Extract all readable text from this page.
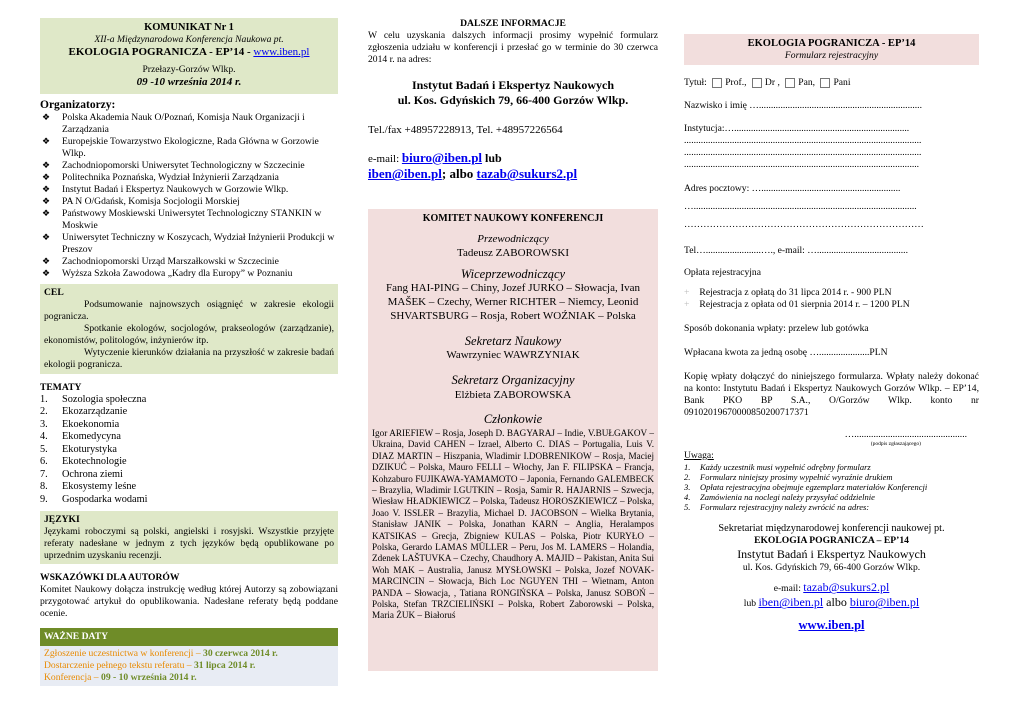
KOMUNIKAT Nr 1
XII-a Międzynarodowa Konferencja Naukowa pt.
EKOLOGIA POGRANICZA - EP’14 - www.iben.pl
Przełazy-Gorzów Wlkp.
09 -10 września 2014 r.
Organizatorzy:
❖ Polska Akademia Nauk O/Poznań, Komisja Nauk Organizacji i Zarządzania
❖ Europejskie Towarzystwo Ekologiczne, Rada Główna w Gorzowie Wlkp.
❖ Zachodniopomorski Uniwersytet Technologiczny w Szczecinie
❖ Politechnika Poznańska, Wydział Inżynierii Zarządzania
❖ Instytut Badań i Ekspertyz Naukowych w Gorzowie Wlkp.
❖ PA N O/Gdańsk, Komisja Socjologii Morskiej
❖ Państwowy Moskiewski Uniwersytet Technologiczny STANKIN w Moskwie
❖ Uniwersytet Techniczny w Koszycach, Wydział Inżynierii Produkcji w Preszov
❖ Zachodniopomorski Urząd Marszałkowski w Szczecinie
❖ Wyższa Szkoła Zawodowa „Kadry dla Europy” w Poznaniu
CEL
Podsumowanie najnowszych osiągnięć w zakresie ekologii pogranicza.
Spotkanie ekologów, socjologów, prakseologów (zarządzanie), ekonomistów, politologów, inżynierów itp.
Wytyczenie kierunków działania na przyszłość w zakresie badań ekologii pogranicza.
TEMATY
1.	Sozologia społeczna
2.	Ekozarządzanie
3.	Ekoekonomia
4.	Ekomedycyna
5.	Ekoturystyka
6.	Ekotechnologie
7.	Ochrona ziemi
8.	Ekosystemy leśne
9.	Gospodarka wodami
JĘZYKI
Językami roboczymi są polski, angielski i rosyjski. Wszystkie przyjęte referaty nadesłane w jednym z tych języków będą opublikowane po uprzednim uzyskaniu recenzji.
WSKAZÓWKI DLA AUTORÓW
Komitet Naukowy dołącza instrukcję według której Autorzy są zobowiązani przygotować artykuł do opublikowania. Nadesłane referaty będą poddane ocenie.
WAŻNE DATY
Zgłoszenie uczestnictwa w konferencji – 30 czerwca 2014 r.
Dostarczenie pełnego tekstu referatu – 31 lipca 2014 r.
Konferencja – 09 - 10 września 2014 r.
DALSZE INFORMACJE
W celu uzyskania dalszych informacji prosimy wypełnić formularz zgłoszenia udziału w konferencji i przesłać go w terminie do 30 czerwca 2014 r. na adres:
Instytut Badań i Ekspertyz Naukowych
ul. Kos. Gdyńskich 79, 66-400 Gorzów Wlkp.
Tel./fax +48957228913, Tel. +48957226564
e-mail: biuro@iben.pl lub
iben@iben.pl; albo tazab@sukurs2.pl
KOMITET NAUKOWY KONFERENCJI
Przewodniczący
Tadeusz ZABOROWSKI
Wiceprzewodniczący
Fang HAI-PING – Chiny, Jozef JURKO – Słowacja, Ivan MAŠEK – Czechy, Werner RICHTER – Niemcy, Leonid SHVARTSBURG – Rosja, Robert WOŹNIAK – Polska
Sekretarz Naukowy
Wawrzyniec WAWRZYNIAK
Sekretarz Organizacyjny
Elżbieta ZABOROWSKA
Członkowie
Igor ARIEFIEW – Rosja, Joseph D. BAGYARAJ – Indie, V.BUŁGAKOV – Ukraina, David CAHEN – Izrael, Alberto C. DIAS – Portugalia, Luis V. DIAZ MARTIN – Hiszpania, Wladimir I.DOBRENIKOW – Rosja, Maciej DZIKUĆ – Polska, Mauro FELLI – Włochy, Jan F. FILIPSKA – Francja, Kohzaburo FUJIKAWA-YAMAMOTO – Japonia, Fernando GALEMBECK – Brazylia, Wladimir I.GUTKIN – Rosja, Samir R. HAJARNIS – Szwecja, Wiesław HŁADKIEWICZ – Polska, Tadeusz HOROSZKIEWICZ – Polska, Joao V. ISSLER – Brazylia, Michael D. JACOBSON – Wielka Brytania, Stanisław JANIK – Polska, Jonathan KARN – Anglia, Heralampos KATSIKAS – Grecja, Zbigniew KULAS – Polska, Piotr KURYŁO – Polska, Gerardo LAMAS MÜLLER – Peru, Jos M. LAMERS – Holandia, Zdenek LAŠTUVKA – Czechy, Chaudhory A. MAJID – Pakistan, Anita Sui Woh MAK – Australia, Janusz MYSŁOWSKI – Polska, Jozef NOVAK-MARCINCIN – Słowacja, Bich Loc NGUYEN THI – Wietnam, Anton PANDA – Słowacja, , Tatiana RONGIŃSKA – Polska, Janusz SOBOŃ – Polska, Stefan TRZCIELIŃSKI – Polska, Robert Zaborowski – Polska, Maria ŻUK – Białoruś
EKOLOGIA POGRANICZA - EP’14
Formularz rejestracyjny
Tytuł: Prof., Dr , Pan, Pani
Nazwisko i imię …....................................................................
Instytucja:….........................................................................
...................................................................................................
...................................................................................................
..................................................................................................
Adres pocztowy: …..........................................................
….............................................................................................
…………………………………………………………………
Tel….......................…., e-mail: …......................................
Opłata rejestracyjna
+ Rejestracja z opłatą do 31 lipca 2014 r. - 900 PLN
+ Rejestracja z opłata od 01 sierpnia 2014 r. – 1200 PLN
Sposób dokonania wpłaty: przelew lub gotówka
Wpłacana kwota za jedną osobę ….....................PLN
Kopię wpłaty dołączyć do niniejszego formularza. Wpłaty należy dokonać na konto: Instytutu Badań i Ekspertyz Naukowych Gorzów Wlkp. – EP’14, Bank PKO BP S.A., O/Gorzów Wlkp. konto nr 09102019670000850200717371
…...............................................
(podpis zgłaszającego)
Uwaga:
1.	Każdy uczestnik musi wypełnić odrębny formularz
2.	Formularz niniejszy prosimy wypełnić wyraźnie drukiem
3.	Opłata rejestracyjna obejmuje egzemplarz materiałów Konferencji
4.	Zamówienia na noclegi należy przysyłać oddzielnie
5.	Formularz rejestracyjny należy zwrócić na adres:
Sekretariat międzynarodowej konferencji naukowej pt.
EKOLOGIA POGRANICZA – EP’14
Instytut Badań i Ekspertyz Naukowych
ul. Kos. Gdyńskich 79, 66-400 Gorzów Wlkp.
e-mail: tazab@sukurs2.pl
lub iben@iben.pl albo biuro@iben.pl
www.iben.pl
